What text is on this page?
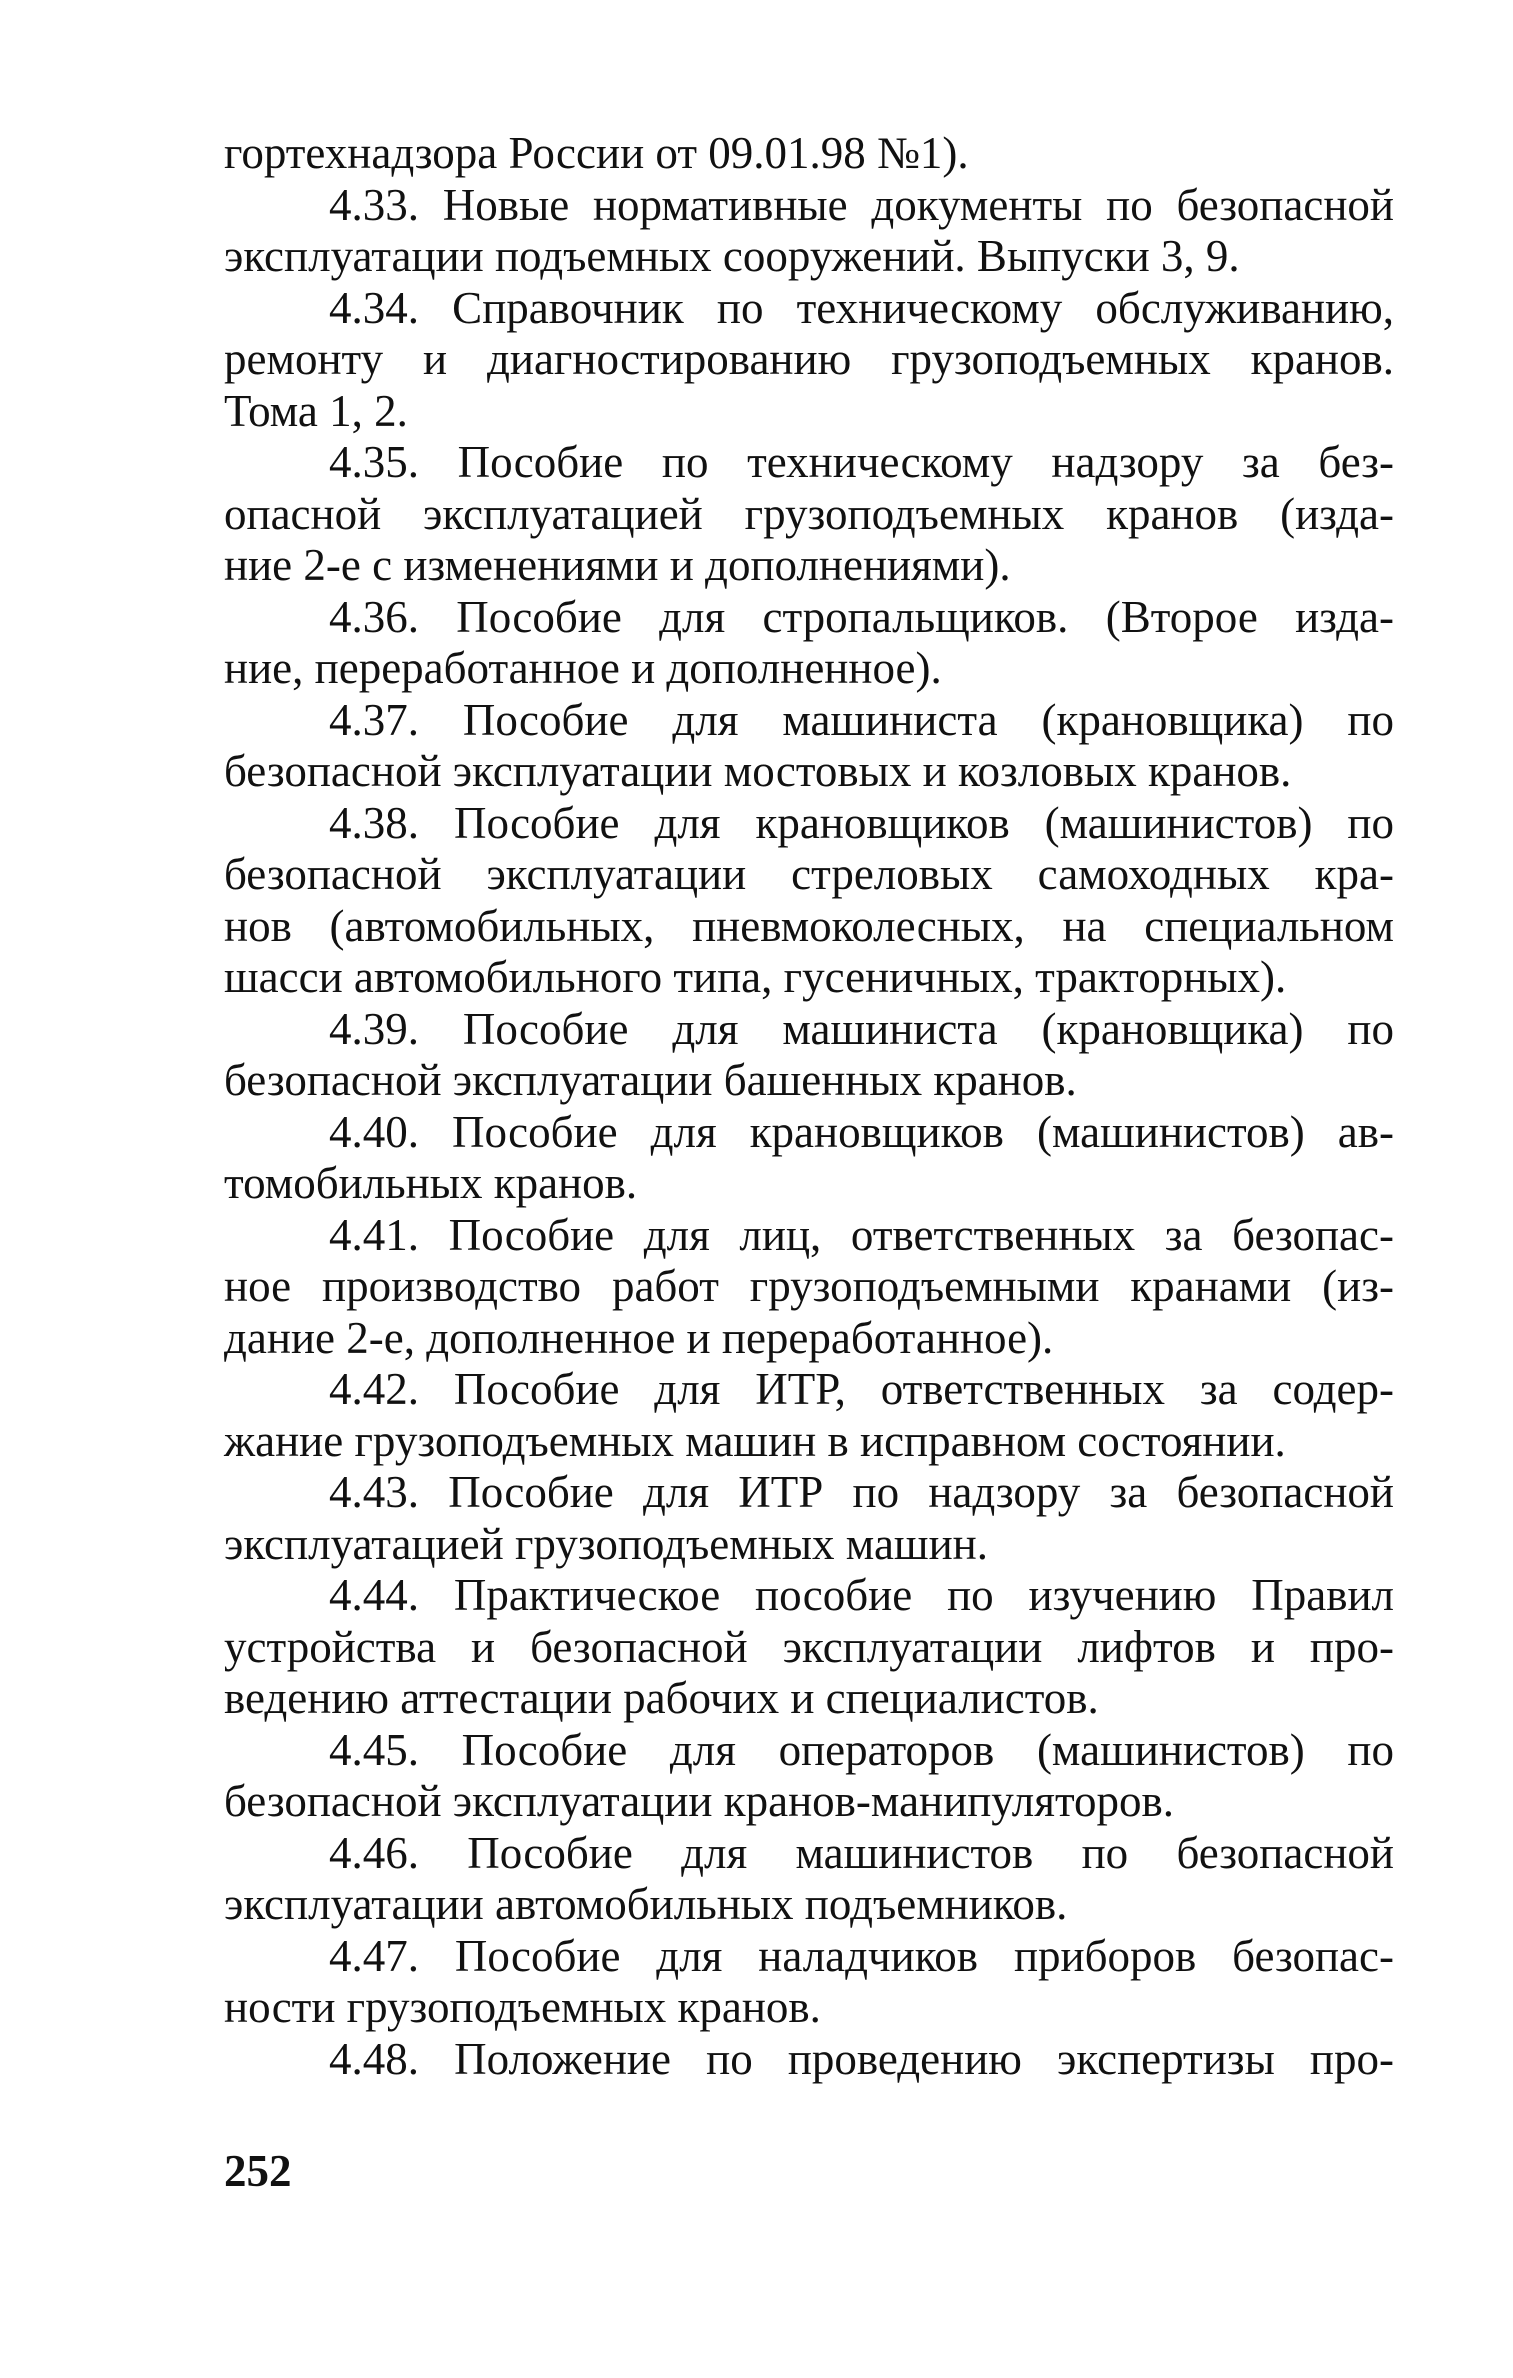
гортехнадзора России от 09.01.98 №1).
4.33. Новые нормативные документы по безопасной
эксплуатации подъемных сооружений. Выпуски 3, 9.
4.34. Справочник по техническому обслуживанию,
ремонту и диагностированию грузоподъемных кранов.
Тома 1, 2.
4.35. Пособие по техническому надзору за без-
опасной эксплуатацией грузоподъемных кранов (изда-
ние 2-е с изменениями и дополнениями).
4.36. Пособие для стропальщиков. (Второе изда-
ние, переработанное и дополненное).
4.37. Пособие для машиниста (крановщика) по
безопасной эксплуатации мостовых и козловых кранов.
4.38. Пособие для крановщиков (машинистов) по
безопасной эксплуатации стреловых самоходных кра-
нов (автомобильных, пневмоколесных, на специальном
шасси автомобильного типа, гусеничных, тракторных).
4.39. Пособие для машиниста (крановщика) по
безопасной эксплуатации башенных кранов.
4.40. Пособие для крановщиков (машинистов) ав-
томобильных кранов.
4.41. Пособие для лиц, ответственных за безопас-
ное производство работ грузоподъемными кранами (из-
дание 2-е, дополненное и переработанное).
4.42. Пособие для ИТР, ответственных за содер-
жание грузоподъемных машин в исправном состоянии.
4.43. Пособие для ИТР по надзору за безопасной
эксплуатацией грузоподъемных машин.
4.44. Практическое пособие по изучению Правил
устройства и безопасной эксплуатации лифтов и про-
ведению аттестации рабочих и специалистов.
4.45. Пособие для операторов (машинистов) по
безопасной эксплуатации кранов-манипуляторов.
4.46. Пособие для машинистов по безопасной
эксплуатации автомобильных подъемников.
4.47. Пособие для наладчиков приборов безопас-
ности грузоподъемных кранов.
4.48. Положение по проведению экспертизы про-
252
